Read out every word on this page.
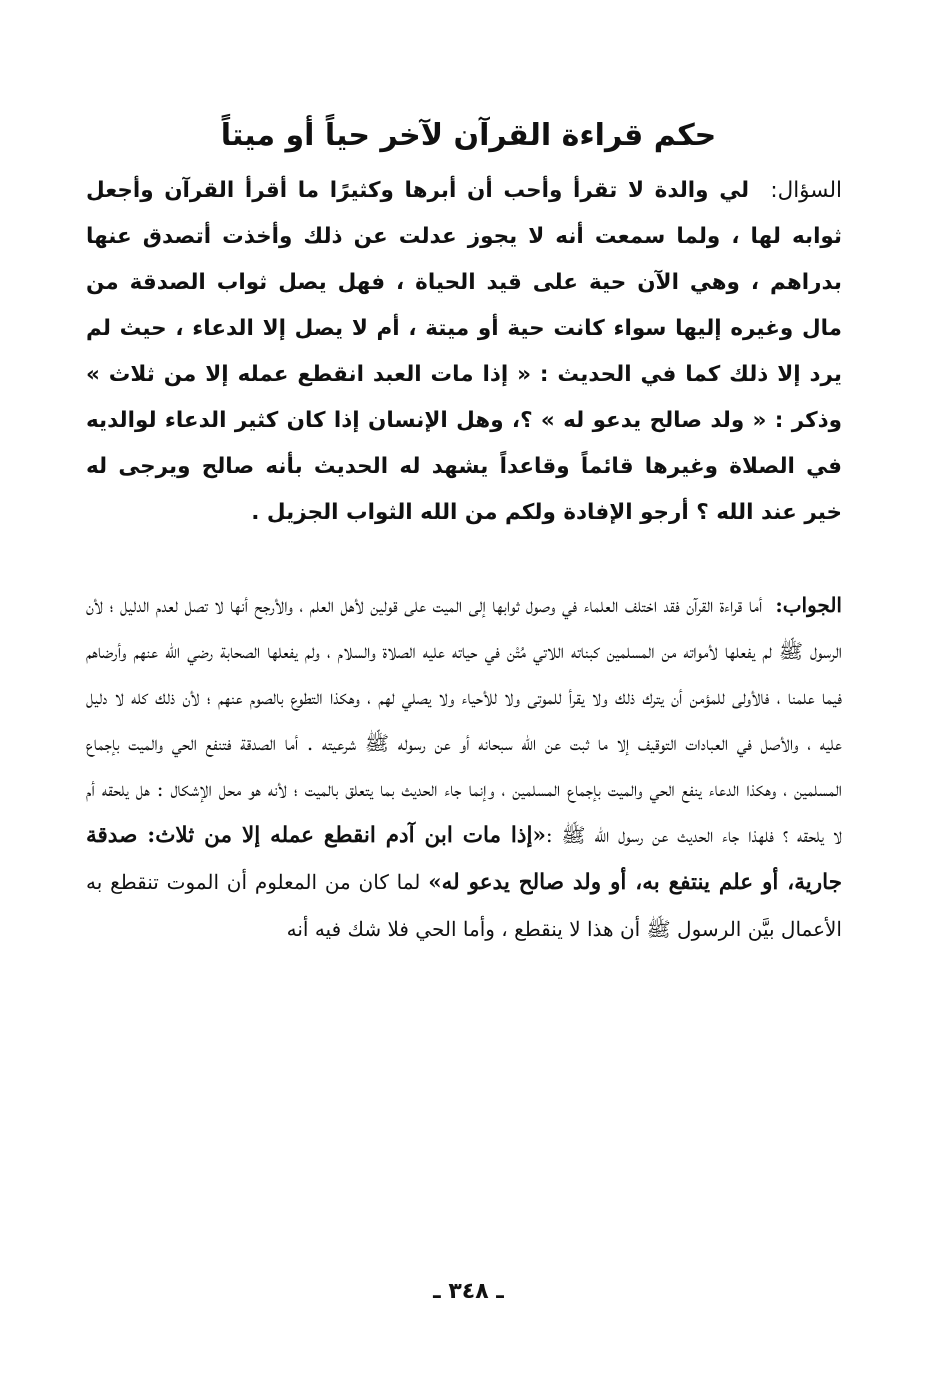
حكم قراءة القرآن لآخر حياً أو ميتاً

السؤال:  لي والدة لا تقرأ وأحب أن أبرها وكثيرًا ما أقرأ القرآن وأجعل ثوابه لها ، ولما سمعت أنه لا يجوز عدلت عن ذلك وأخذت أتصدق عنها بدراهم ، وهي الآن حية على قيد الحياة ، فهل يصل ثواب الصدقة من مال وغيره إليها سواء كانت حية أو ميتة ، أم لا يصل إلا الدعاء ، حيث لم يرد إلا ذلك كما في الحديث : « إذا مات العبد انقطع عمله إلا من ثلاث » وذكر : « ولد صالح يدعو له » ؟، وهل الإنسان إذا كان كثير الدعاء لوالديه في الصلاة وغيرها قائماً وقاعداً يشهد له الحديث بأنه صالح ويرجى له خير عند الله ؟ أرجو الإفادة ولكم من الله الثواب الجزيل .

الجواب:  أما قراءة القرآن فقد اختلف العلماء في وصول ثوابها إلى الميت على قولين لأهل العلم ، والأرجح أنها لا تصل لعدم الدليل ؛ لأن الرسول ﷺ لم يفعلها لأمواته من المسلمين كبناته اللاتي مُتْن في حياته عليه الصلاة والسلام ، ولم يفعلها الصحابة رضي الله عنهم وأرضاهم فيما علمنا ، فالأولى للمؤمن أن يترك ذلك ولا يقرأ للموتى ولا للأحياء ولا يصلي لهم ، وهكذا التطوع بالصوم عنهم ؛ لأن ذلك كله لا دليل عليه ، والأصل في العبادات التوقيف إلا ما ثبت عن الله سبحانه أو عن رسوله ﷺ شرعيته . أما الصدقة فتنفع الحي والميت بإجماع المسلمين ، وهكذا الدعاء ينفع الحي والميت بإجماع المسلمين ، وإنما جاء الحديث بما يتعلق بالميت ؛ لأنه هو محل الإشكال : هل يلحقه أم لا يلحقه ؟ فلهذا جاء الحديث عن رسول الله ﷺ :«إذا مات ابن آدم انقطع عمله إلا من ثلاث: صدقة جارية، أو علم ينتفع به، أو ولد صالح يدعو له» لما كان من المعلوم أن الموت تنقطع به الأعمال بيَّن الرسول ﷺ أن هذا لا ينقطع ، وأما الحي فلا شك فيه أنه

ـ ٣٤٨ ـ
